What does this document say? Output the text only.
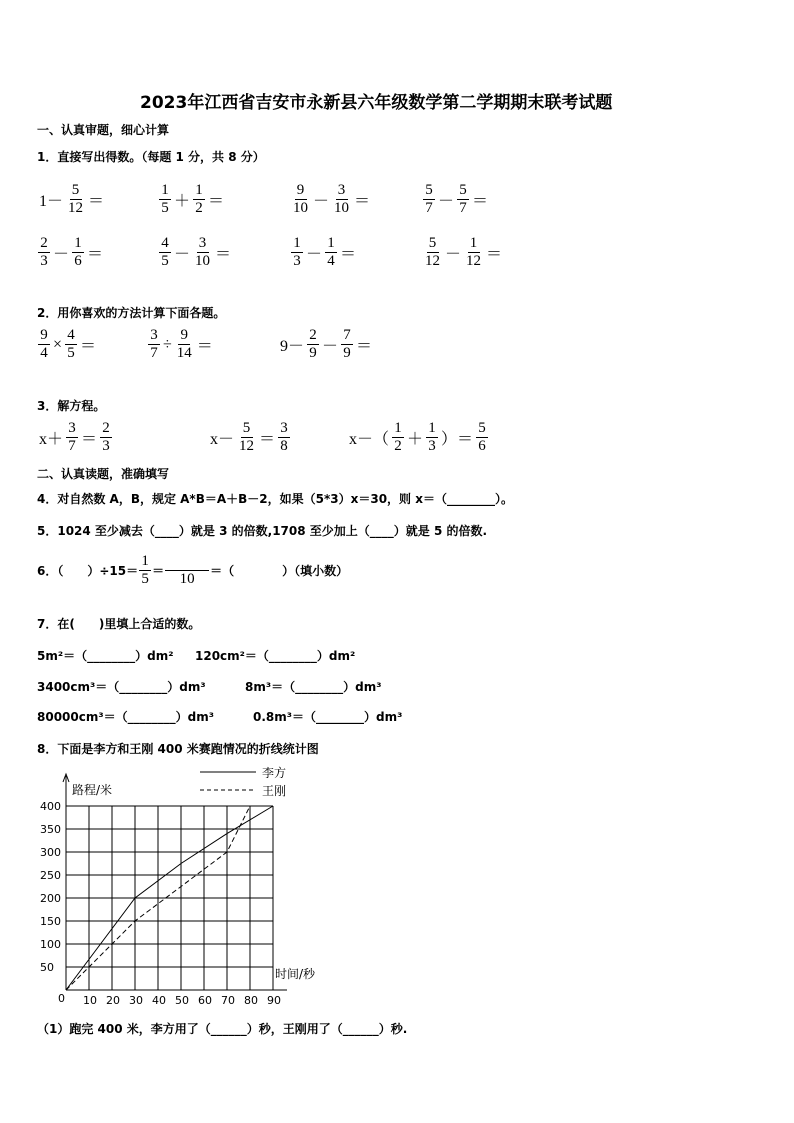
2023年江西省吉安市永新县六年级数学第二学期期末联考试题
一、认真审题，细心计算
1．直接写出得数。（每题 1 分，共 8 分）
2．用你喜欢的方法计算下面各题。
3．解方程。
二、认真读题，准确填写
4．对自然数 A，B，规定 A*B＝A＋B－2，如果（5*3）x＝30，则 x＝（________）。
5．1024 至少减去（____）就是 3 的倍数,1708 至少加上（____）就是 5 的倍数.
6．（　　）$\div 15= \frac{1}{5} = 10$ ＝（　　　　）（填小数）
7．在(　　)里填上合适的数。
5m²＝（________）dm² 120cm²＝（________）dm²
3400cm³＝（________）dm³	8m³＝（________）dm³
80000cm³＝（________）dm³	0.8m³＝（________）dm³
8．下面是李方和王刚 400 米赛跑情况的折线统计图
0 10 20 30 40 50 60 70 80 90
50
100
150
200
250
300
350
400
路程/米
时间/秒
李方
王刚
（1）跑完 400 米，李方用了（______）秒，王刚用了（______）秒.
$1- \frac{5}{12}$ ＝	$\frac{1}{5} + \frac{1}{2}$ ＝	$\frac{9}{10} - \frac{3}{10}$ ＝	$\frac{5}{7} - \frac{5}{7}$ ＝
$\frac{2}{3} - \frac{1}{6}$ ＝	$\frac{4}{5} - \frac{3}{10}$ ＝	$\frac{1}{3} - \frac{1}{4}$ ＝	$\frac{5}{12} - \frac{1}{12}$ ＝
$\frac{9}{4} \times \frac{4}{5}$ ＝	$\frac{3}{7} \div \frac{9}{14}$ ＝	$9- \frac{2}{9} - \frac{7}{9}$ ＝
$x+ \frac{3}{7} = \frac{2}{3}$	$x- \frac{5}{12} = \frac{3}{8}$	$x-( \frac{1}{2} + \frac{1}{3}$ ）＝ $\frac{5}{6}$
